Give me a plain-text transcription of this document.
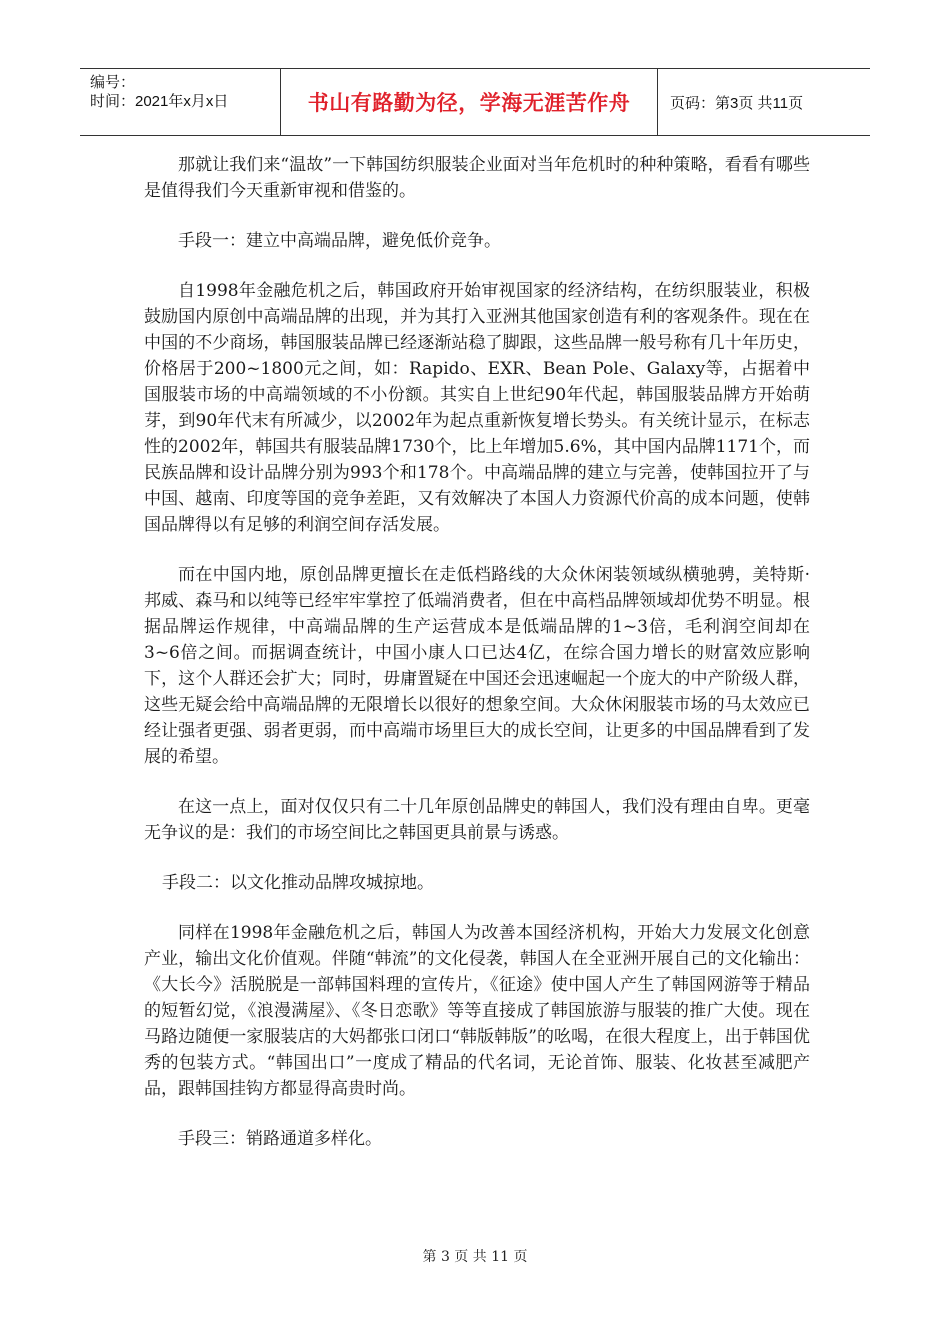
编号：
时间：2021年x月x日	书山有路勤为径，学海无涯苦作舟	页码：第3页 共11页

那就让我们来“温故”一下韩国纺织服装企业面对当年危机时的种种策略，看看有哪些是值得我们今天重新审视和借鉴的。

手段一：建立中高端品牌，避免低价竞争。

自1998年金融危机之后，韩国政府开始审视国家的经济结构，在纺织服装业，积极鼓励国内原创中高端品牌的出现，并为其打入亚洲其他国家创造有利的客观条件。现在在中国的不少商场，韩国服装品牌已经逐渐站稳了脚跟，这些品牌一般号称有几十年历史，价格居于200~1800元之间，如：Rapido、EXR、Bean Pole、Galaxy等，占据着中国服装市场的中高端领域的不小份额。其实自上世纪90年代起，韩国服装品牌方开始萌芽，到90年代末有所减少，以2002年为起点重新恢复增长势头。有关统计显示，在标志性的2002年，韩国共有服装品牌1730个，比上年增加5.6%，其中国内品牌1171个，而民族品牌和设计品牌分别为993个和178个。中高端品牌的建立与完善，使韩国拉开了与中国、越南、印度等国的竞争差距，又有效解决了本国人力资源代价高的成本问题，使韩国品牌得以有足够的利润空间存活发展。

而在中国内地，原创品牌更擅长在走低档路线的大众休闲装领域纵横驰骋，美特斯·邦威、森马和以纯等已经牢牢掌控了低端消费者，但在中高档品牌领域却优势不明显。根据品牌运作规律，中高端品牌的生产运营成本是低端品牌的1~3倍，毛利润空间却在3~6倍之间。而据调查统计，中国小康人口已达4亿，在综合国力增长的财富效应影响下，这个人群还会扩大；同时，毋庸置疑在中国还会迅速崛起一个庞大的中产阶级人群，这些无疑会给中高端品牌的无限增长以很好的想象空间。大众休闲服装市场的马太效应已经让强者更强、弱者更弱，而中高端市场里巨大的成长空间，让更多的中国品牌看到了发展的希望。

在这一点上，面对仅仅只有二十几年原创品牌史的韩国人，我们没有理由自卑。更毫无争议的是：我们的市场空间比之韩国更具前景与诱惑。

手段二：以文化推动品牌攻城掠地。

同样在1998年金融危机之后，韩国人为改善本国经济机构，开始大力发展文化创意产业，输出文化价值观。伴随“韩流”的文化侵袭，韩国人在全亚洲开展自己的文化输出：《大长今》活脱脱是一部韩国料理的宣传片，《征途》使中国人产生了韩国网游等于精品的短暂幻觉，《浪漫满屋》、《冬日恋歌》等等直接成了韩国旅游与服装的推广大使。现在马路边随便一家服装店的大妈都张口闭口“韩版韩版”的吆喝，在很大程度上，出于韩国优秀的包装方式。“韩国出口”一度成了精品的代名词，无论首饰、服装、化妆甚至减肥产品，跟韩国挂钩方都显得高贵时尚。

手段三：销路通道多样化。

第 3 页 共 11 页
